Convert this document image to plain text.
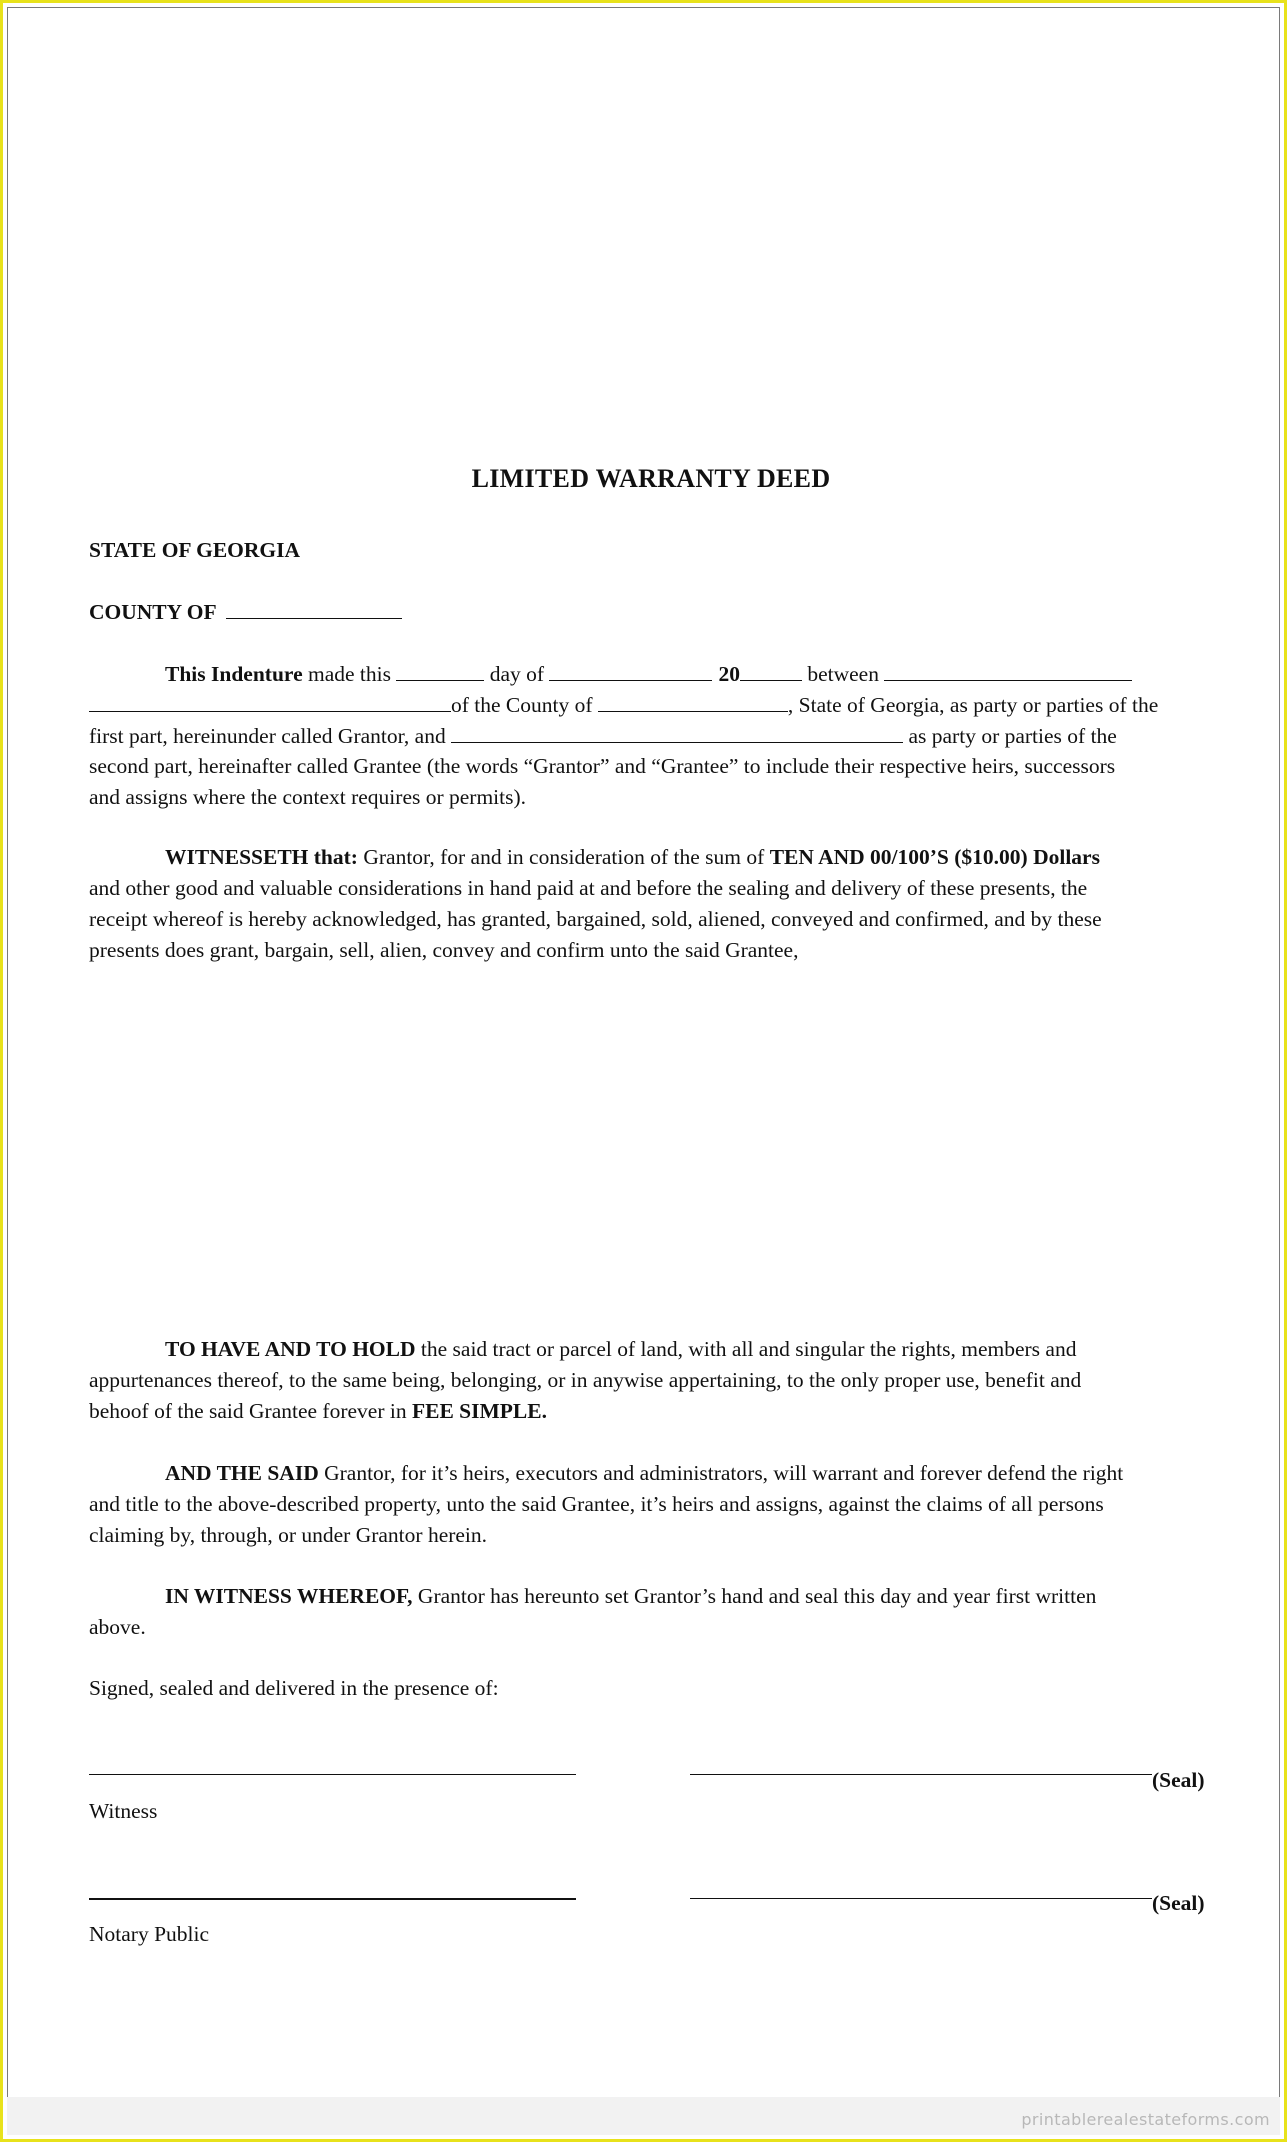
LIMITED WARRANTY DEED
STATE OF GEORGIA
COUNTY OF
This Indenture made this	day of	20	between
of the County of	, State of Georgia, as party or parties of the
first part, hereinunder called Grantor, and	as party or parties of the
second part, hereinafter called Grantee (the words “Grantor” and “Grantee” to include their respective heirs, successors
and assigns where the context requires or permits).
WITNESSETH that: Grantor, for and in consideration of the sum of TEN AND 00/100’S ($10.00) Dollars
and other good and valuable considerations in hand paid at and before the sealing and delivery of these presents, the
receipt whereof is hereby acknowledged, has granted, bargained, sold, aliened, conveyed and confirmed, and by these
presents does grant, bargain, sell, alien, convey and confirm unto the said Grantee,
TO HAVE AND TO HOLD the said tract or parcel of land, with all and singular the rights, members and
appurtenances thereof, to the same being, belonging, or in anywise appertaining, to the only proper use, benefit and
behoof of the said Grantee forever in FEE SIMPLE.
AND THE SAID Grantor, for it’s heirs, executors and administrators, will warrant and forever defend the right
and title to the above-described property, unto the said Grantee, it’s heirs and assigns, against the claims of all persons
claiming by, through, or under Grantor herein.
IN WITNESS WHEREOF, Grantor has hereunto set Grantor’s hand and seal this day and year first written
above.
Signed, sealed and delivered in the presence of:
(Seal)
Witness
(Seal)
Notary Public
printablerealestateforms.com
